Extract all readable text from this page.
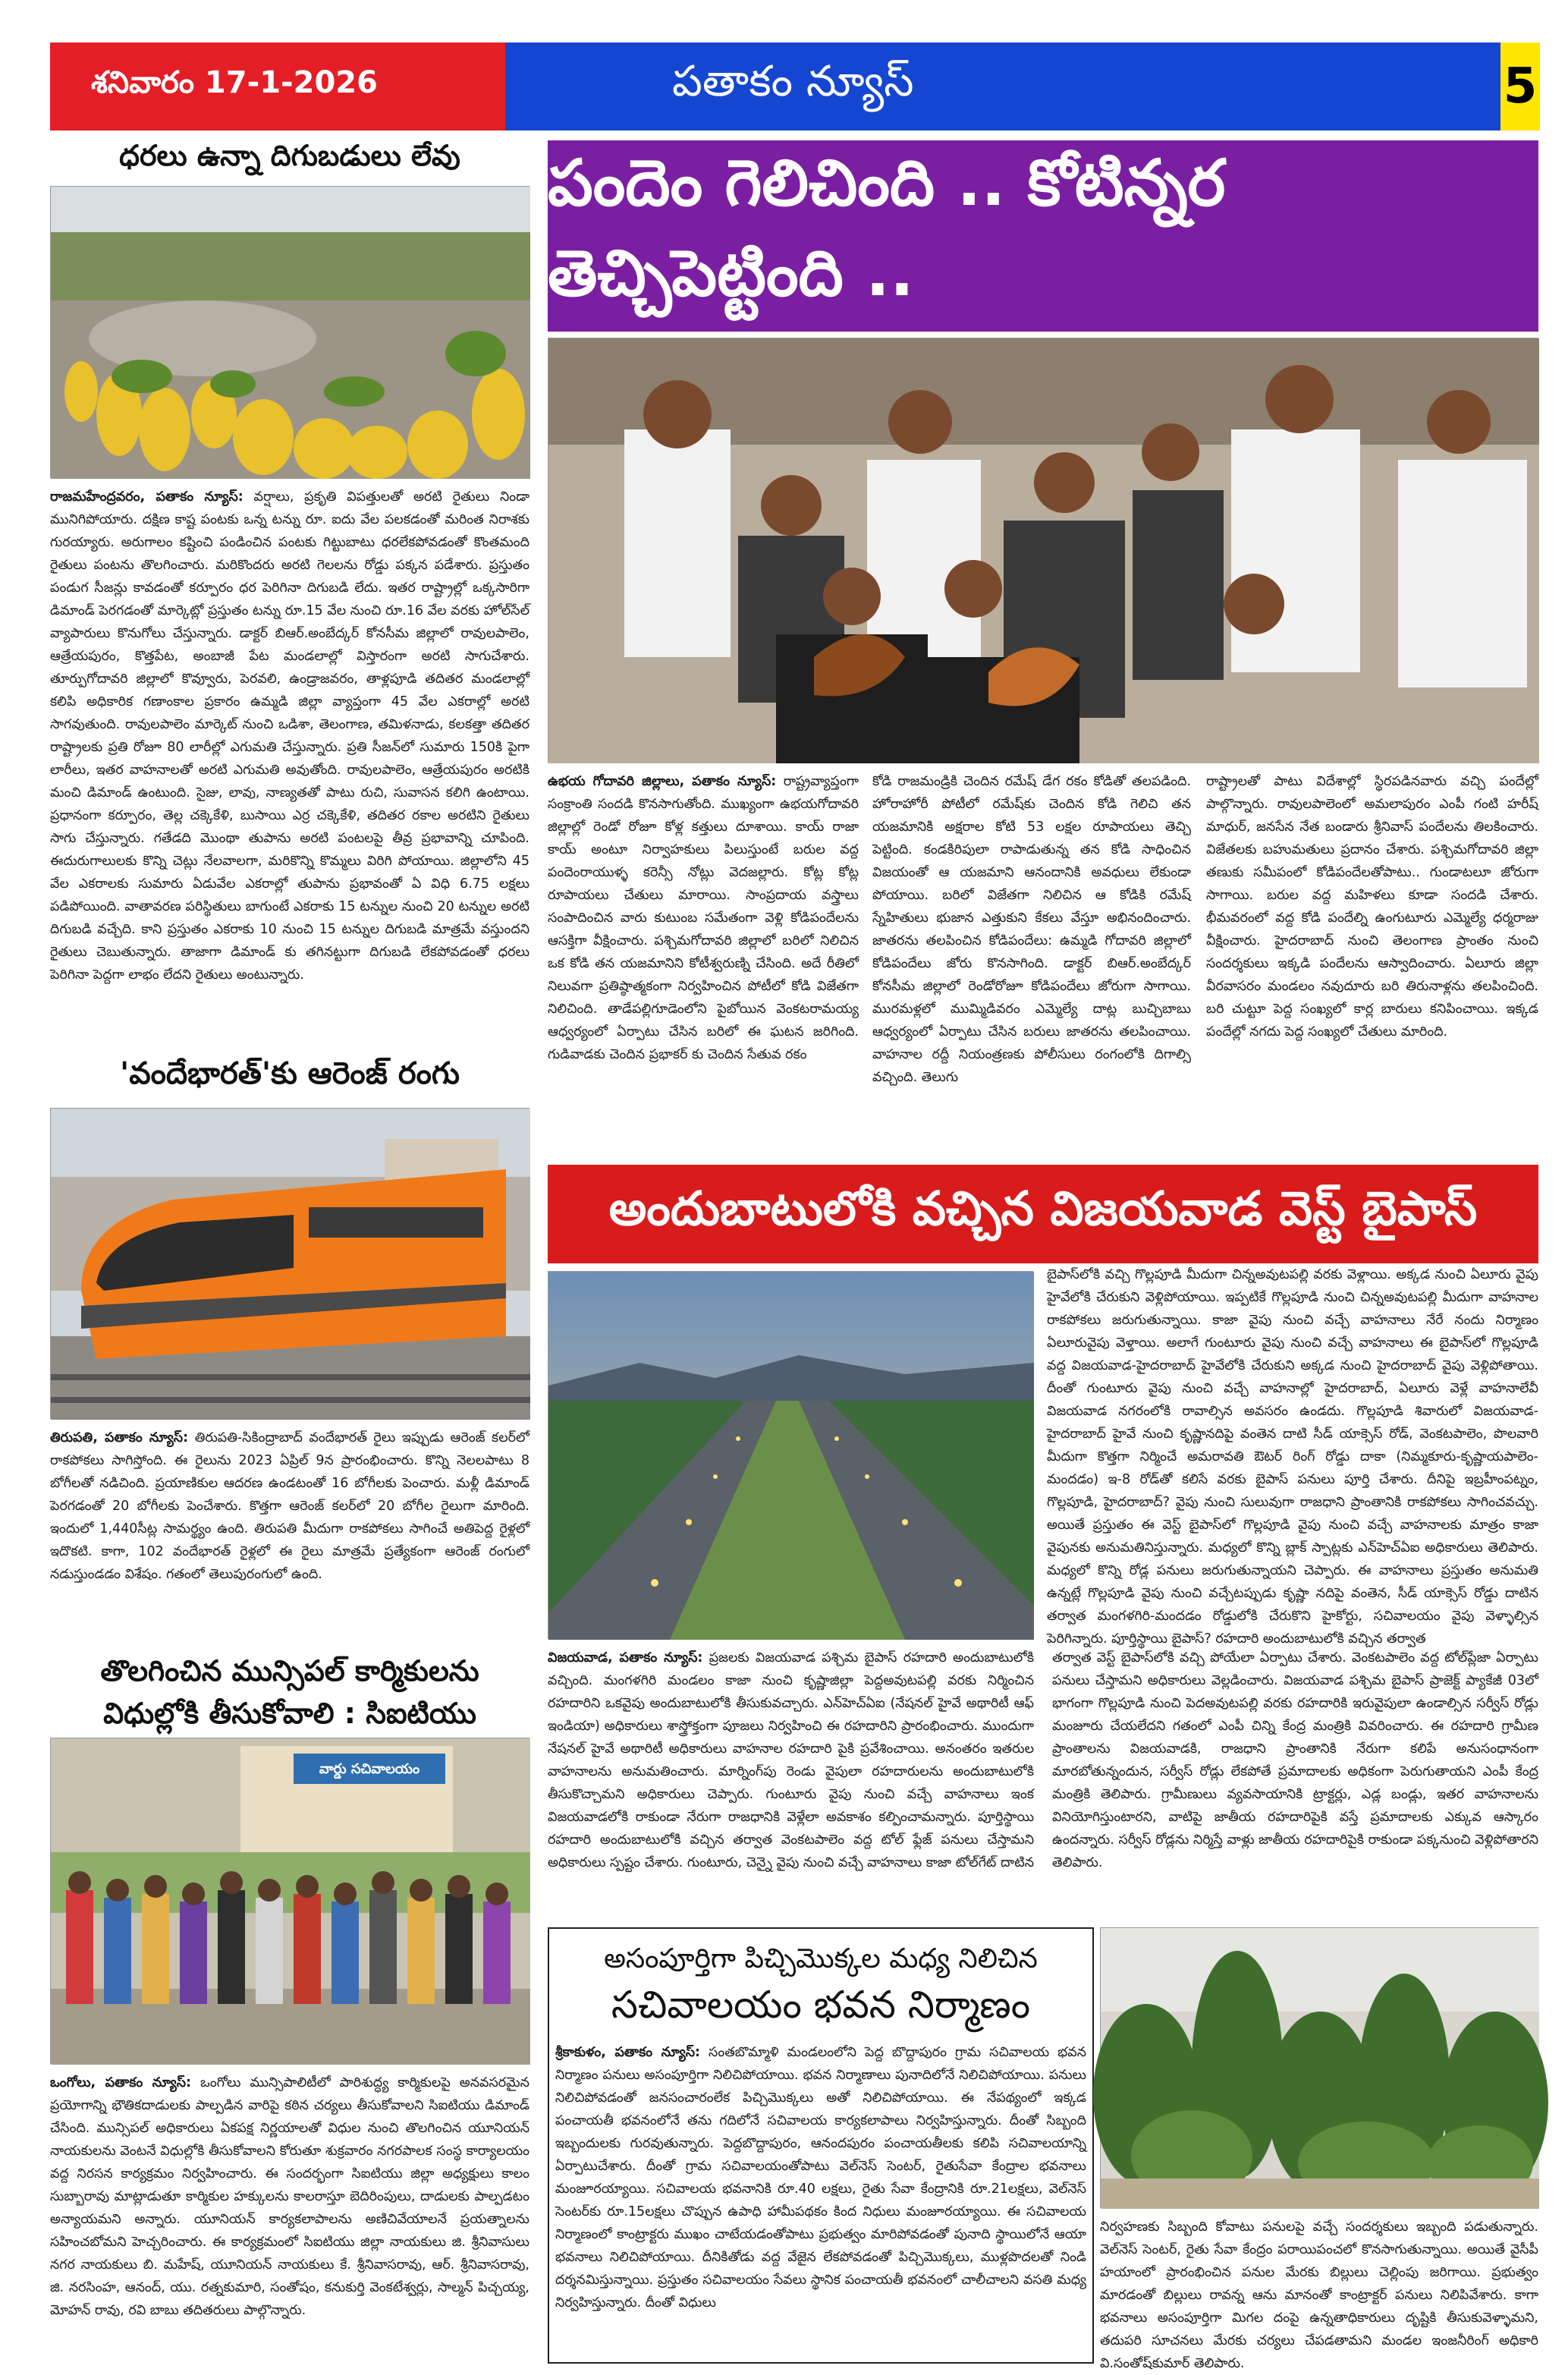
శనివారం 17-1-2026	పతాకం న్యూస్	5
ధరలు ఉన్నా దిగుబడులు లేవు
రాజమహేంద్రవరం, పతాకం న్యూస్: వర్షాలు, ప్రకృతి విపత్తులతో అరటి రైతులు నిండా మునిగిపోయారు. దక్షిణ కాష్ట పంటకు ఒన్న టన్ను రూ. ఐదు వేల పలకడంతో మరింత నిరాశకు గురయ్యారు. అరుగాలం కష్టించి పండించిన పంటకు గిట్టుబాటు ధరలేకపోవడంతో కొంతమంది రైతులు పంటను తొలగించారు. మరికొందరు అరటి గెలలను రోడ్డు పక్కన పడేశారు. ప్రస్తుతం పండుగ సీజన్లు కావడంతో కర్పూరం ధర పెరిగినా దిగుబడి లేదు. ఇతర రాష్ట్రాల్లో ఒక్కసారిగా డిమాండ్ పెరగడంతో మార్కెట్లో ప్రస్తుతం టన్ను రూ.15 వేల నుంచి రూ.16 వేల వరకు హోల్‌సేల్ వ్యాపారులు కొనుగోలు చేస్తున్నారు. డాక్టర్ బిఆర్.అంబేద్కర్ కోనసీమ జిల్లాలో రావులపాలెం, ఆత్రేయపురం, కొత్తపేట, అంబాజీ పేట మండలాల్లో విస్తారంగా అరటి సాగుచేశారు. తూర్పుగోదావరి జిల్లాలో కొవ్వూరు, పెరవలి, ఉండ్రాజవరం, తాళ్లపూడి తదితర మండలాల్లో కలిపి అధికారిక గణాంకాల ప్రకారం ఉమ్మడి జిల్లా వ్యాప్తంగా 45 వేల ఎకరాల్లో అరటి సాగవుతుంది. రావులపాలెం మార్కెట్ నుంచి ఒడిశా, తెలంగాణ, తమిళనాడు, కలకత్తా తదితర రాష్ట్రాలకు ప్రతి రోజూ 80 లారీల్లో ఎగుమతి చేస్తున్నారు. ప్రతి సీజన్‌లో సుమారు 150కి పైగా లారీలు, ఇతర వాహనాలతో అరటి ఎగుమతి అవుతోంది. రావులపాలెం, ఆత్రేయపురం అరటికి మంచి డిమాండ్ ఉంటుంది. సైజు, లావు, నాణ్యతతో పాటు రుచి, సువాసన కలిగి ఉంటాయి. ప్రధానంగా కర్పూరం, తెల్ల చక్కెకేళి, బుసాయి ఎర్ర చక్కెకేళి, తదితర రకాల అరటిని రైతులు సాగు చేస్తున్నారు. గతేడది మొంథా తుపాను అరటి పంటలపై తీవ్ర ప్రభావాన్ని చూపింది. ఈదురుగాలులకు కొన్ని చెట్లు నేలవాలగా, మరికొన్ని కొమ్మలు విరిగి పోయాయి. జిల్లాలోని 45 వేల ఎకరాలకు సుమారు ఏడువేల ఎకరాల్లో తుపాను ప్రభావంతో ఏ విధి 6.75 లక్షలు పడిపోయింది. వాతావరణ పరిస్థితులు బాగుంటే ఎకరాకు 15 టన్నుల నుంచి 20 టన్నుల అరటి దిగుబడి వచ్చేది. కాని ప్రస్తుతం ఎకరాకు 10 నుంచి 15 టన్నుల దిగుబడి మాత్రమే వస్తుందని రైతులు చెబుతున్నారు. తాజాగా డిమాండ్ కు తగినట్టుగా దిగుబడి లేకపోవడంతో ధరలు పెరిగినా పెద్దగా లాభం లేదని రైతులు అంటున్నారు.
'వందేభారత్'కు ఆరెంజ్ రంగు
తిరుపతి, పతాకం న్యూస్: తిరుపతి-సికింద్రాబాద్ వందేభారత్ రైలు ఇప్పుడు ఆరెంజ్ కలర్‌లో రాకపోకలు సాగిస్తోంది. ఈ రైలును 2023 ఏప్రిల్ 9న ప్రారంభించారు. కొన్ని నెలలపాటు 8 బోగీలతో నడిచింది. ప్రయాణికుల ఆదరణ ఉండటంతో 16 బోగీలకు పెంచారు. మళ్లీ డిమాండ్ పెరగడంతో 20 బోగీలకు పెంచేశారు. కొత్తగా ఆరెంజ్ కలర్‌లో 20 బోగీల రైలుగా మారింది. ఇందులో 1,440సీట్ల సామర్థ్యం ఉంది. తిరుపతి మీదుగా రాకపోకలు సాగించే అతిపెద్ద రైళ్లలో ఇదొకటి. కాగా, 102 వందేభారత్ రైళ్లలో ఈ రైలు మాత్రమే ప్రత్యేకంగా ఆరెంజ్ రంగులో నడుస్తుండడం విశేషం. గతంలో తెలుపురంగులో ఉంది.
తొలగించిన మున్సిపల్ కార్మికులను
విధుల్లోకి తీసుకోవాలి : సిఐటియు
వార్డు సచివాలయం
ఒంగోలు, పతాకం న్యూస్: ఒంగోలు మున్సిపాలిటీలో పారిశుద్ధ్య కార్మికులపై అనవసరమైన ప్రయోగాన్ని భౌతికదాడులకు పాల్పడిన వారిపై కఠిన చర్యలు తీసుకోవాలని సిఐటియు డిమాండ్ చేసింది. మున్సిపల్ అధికారులు ఏకపక్ష నిర్ణయాలతో విధుల నుంచి తొలగించిన యూనియన్ నాయకులను వెంటనే విధుల్లోకి తీసుకోవాలని కోరుతూ శుక్రవారం నగరపాలక సంస్థ కార్యాలయం వద్ద నిరసన కార్యక్రమం నిర్వహించారు. ఈ సందర్భంగా సిఐటియు జిల్లా అధ్యక్షులు కాలం సుబ్బారావు మాట్లాడుతూ కార్మికుల హక్కులను కాలరాస్తూ బెదిరింపులు, దాడులకు పాల్పడటం అన్యాయమని అన్నారు. యూనియన్ కార్యకలాపాలను అణిచివేయాలనే ప్రయత్నాలను సహించబోమని హెచ్చరించారు. ఈ కార్యక్రమంలో సిఐటియు జిల్లా నాయకులు జి. శ్రీనివాసులు నగర నాయకులు బి. మహేష్, యూనియన్ నాయకులు కే. శ్రీనివాసరావు, ఆర్. శ్రీనివాసరావు, జి. నరసింహ, ఆనంద్, యు. రత్నకుమారి, సంతోషం, కనుకుర్తి వెంకటేశ్వర్లు, సాల్మన్ పిచ్చయ్య, మోహన్ రావు, రవి బాబు తదితరులు పాల్గొన్నారు.
పందెం గెలిచింది .. కోటిన్నర తెచ్చిపెట్టింది ..
ఉభయ గోదావరి జిల్లాలు, పతాకం న్యూస్: రాష్ట్రవ్యాప్తంగా సంక్రాంతి సందడి కొనసాగుతోంది. ముఖ్యంగా ఉభయగోదావరి జిల్లాల్లో రెండో రోజూ కోళ్ల కత్తులు దూశాయి. కాయ్ రాజా కాయ్ అంటూ నిర్వాహకులు పిలుస్తుంటే బరుల వద్ద పందెంరాయుళ్ళ కరెన్సీ నోట్లు వెదజల్లారు. కోట్ల కోట్ల రూపాయలు చేతులు మారాయి. సాంప్రదాయ వస్త్రాలు సంపాదించిన వారు కుటుంబ సమేతంగా వెళ్లి కోడిపందేలను ఆసక్తిగా వీక్షించారు. పశ్చిమగోదావరి జిల్లాలో బరిలో నిలిచిన ఒక కోడి తన యజమానిని కోటీశ్వరుణ్ని చేసింది. అదే రీతిలో నిలువగా ప్రతిష్ఠాత్మకంగా నిర్వహించిన పోటీలో కోడి విజేతగా నిలిచింది. తాడేపల్లిగూడెంలోని పైబోయిన వెంకటరామయ్య ఆధ్వర్యంలో ఏర్పాటు చేసిన బరిలో ఈ ఘటన జరిగింది. గుడివాడకు చెందిన ప్రభాకర్ కు చెందిన సేతువ రకం
కోడి రాజమండ్రికి చెందిన రమేష్ డేగ రకం కోడితో తలపడింది. హోరాహోరీ పోటీలో రమేష్‌కు చెందిన కోడి గెలిచి తన యజమానికి అక్షరాల కోటి 53 లక్షల రూపాయలు తెచ్చి పెట్టింది. కండకిరిపులా రాపాడుతున్న తన కోడి సాధించిన విజయంతో ఆ యజమాని ఆనందానికి అవధులు లేకుండా పోయాయి. బరిలో విజేతగా నిలిచిన ఆ కోడికి రమేష్ స్నేహితులు భుజాన ఎత్తుకుని కేకలు వేస్తూ అభినందించారు. జాతరను తలపించిన కోడిపందేలు: ఉమ్మడి గోదావరి జిల్లాలో కోడిపందేలు జోరు కొనసాగింది. డాక్టర్ బిఆర్.అంబేద్కర్ కోనసీమ జిల్లాలో రెండోరోజూ కోడిపందేలు జోరుగా సాగాయి. మురమళ్లలో ముమ్మిడివరం ఎమ్మెల్యే దాట్ల బుచ్చిబాబు ఆధ్వర్యంలో ఏర్పాటు చేసిన బరులు జాతరను తలపించాయి. వాహనాల రద్దీ నియంత్రణకు పోలీసులు రంగంలోకి దిగాల్సి వచ్చింది. తెలుగు
రాష్ట్రాలతో పాటు విదేశాల్లో స్థిరపడినవారు వచ్చి పందేల్లో పాల్గొన్నారు. రావులపాలెంలో అమలాపురం ఎంపీ గంటి హరీష్ మాధుర్, జనసేన నేత బండారు శ్రీనివాస్ పందేలను తిలకించారు. విజేతలకు బహుమతులు ప్రదానం చేశారు. పశ్చిమగోదావరి జిల్లా తణుకు సమీపంలో కోడిపందేలతోపాటు.. గుండాటలూ జోరుగా సాగాయి. బరుల వద్ద మహిళలు కూడా సందడి చేశారు. భీమవరంలో వద్ద కోడి పందేల్ని ఉంగుటూరు ఎమ్మెల్యే ధర్మరాజు వీక్షించారు. హైదరాబాద్ నుంచి తెలంగాణ ప్రాంతం నుంచి సందర్శకులు ఇక్కడి పందేలను ఆస్వాదించారు. ఏలూరు జిల్లా వీరవాసరం మండలం నవుదూరు బరి తిరునాళ్లను తలపించింది. బరి చుట్టూ పెద్ద సంఖ్యలో కార్ల బారులు కనిపించాయి. ఇక్కడ పందేల్లో నగదు పెద్ద సంఖ్యలో చేతులు మారింది.
అందుబాటులోకి వచ్చిన విజయవాడ వెస్ట్ బైపాస్
బైపాస్‌లోకి వచ్చి గొల్లపూడి మీదుగా చిన్నఅవుటపల్లి వరకు వెళ్లాయి. అక్కడ నుంచి ఏలూరు వైపు హైవేలోకి చేరుకుని వెళ్లిపోయాయి. ఇప్పటికే గొల్లపూడి నుంచి చిన్నఅవుటపల్లి మీదుగా వాహనాల రాకపోకలు జరుగుతున్నాయి. కాజా వైపు నుంచి వచ్చే వాహనాలు నేరే నందు నిర్మాణం ఏలూరువైపు వెళ్తాయి. అలాగే గుంటూరు వైపు నుంచి వచ్చే వాహనాలు ఈ బైపాస్‌లో గొల్లపూడి వద్ద విజయవాడ-హైదరాబాద్ హైవేలోకి చేరుకుని అక్కడ నుంచి హైదరాబాద్ వైపు వెళ్లిపోతాయి. దీంతో గుంటూరు వైపు నుంచి వచ్చే వాహనాల్లో హైదరాబాద్, ఏలూరు వెళ్లే వాహనాలేవీ విజయవాడ నగరంలోకి రావాల్సిన అవసరం ఉండదు. గొల్లపూడి శివారులో విజయవాడ-హైదరాబాద్ హైవే నుంచి కృష్ణానదిపై వంతెన దాటి సీడ్ యాక్సెస్ రోడ్, వెంకటపాలెం, పొలవారి మీదుగా కొత్తగా నిర్మించే అమరావతి ఔటర్ రింగ్ రోడ్డు దాకా (నిమ్మకూరు-కృష్ణాయపాలెం-మందడం) ఇ-8 రోడ్‌తో కలిసే వరకు బైపాస్ పనులు పూర్తి చేశారు. దీనిపై ఇబ్రహీంపట్నం, గొల్లపూడి, హైదరాబాద్? వైపు నుంచి సులువుగా రాజధాని ప్రాంతానికి రాకపోకలు సాగించవచ్చు. అయితే ప్రస్తుతం ఈ వెస్ట్ బైపాస్‌లో గొల్లపూడి వైపు నుంచి వచ్చే వాహనాలకు మాత్రం కాజా వైపునకు అనుమతినిస్తున్నారు. మధ్యలో కొన్ని బ్లాక్ స్పాట్లకు ఎన్‌హెచ్ఏఐ అధికారులు తెలిపారు. మధ్యలో కొన్ని రోడ్ల పనులు జరుగుతున్నాయని చెప్పారు. ఈ వాహనాలు ప్రస్తుతం అనుమతి ఉన్నట్లే గొల్లపూడి వైపు నుంచి వచ్చేటప్పుడు కృష్ణా నదిపై వంతెన, సీడ్ యాక్సెస్ రోడ్డు దాటిన తర్వాత మంగళగిరి-మందడం రోడ్డులోకి చేరుకొని హైకోర్టు, సచివాలయం వైపు వెళ్ళాల్సిన పెరిగిన్నారు. పూర్తిస్థాయి బైపాస్? రహదారి అందుబాటులోకి వచ్చిన తర్వాత
విజయవాడ, పతాకం న్యూస్: ప్రజలకు విజయవాడ పశ్చిమ బైపాస్ రహదారి అందుబాటులోకి వచ్చింది. మంగళగిరి మండలం కాజా నుంచి కృష్ణాజిల్లా పెద్దఅవుటపల్లి వరకు నిర్మించిన రహదారిని ఒకవైపు అందుబాటులోకి తీసుకువచ్చారు. ఎన్‌హెచ్ఏఐ (నేషనల్ హైవే అథారిటీ ఆఫ్ ఇండియా) అధికారులు శాస్త్రోక్తంగా పూజలు నిర్వహించి ఈ రహదారిని ప్రారంభించారు. ముందుగా నేషనల్ హైవే అథారిటీ అధికారులు వాహనాల రహదారి పైకి ప్రవేశించాయి. అనంతరం ఇతరుల వాహనాలను అనుమతించారు. మార్నింగ్‌పు రెండు వైపులా రహదారులను అందుబాటులోకి తీసుకొచ్చామని అధికారులు చెప్పారు. గుంటూరు వైపు నుంచి వచ్చే వాహనాలు ఇంక విజయవాడలోకి రాకుండా నేరుగా రాజధానికి వెళ్లేలా అవకాశం కల్పించామన్నారు. పూర్తిస్థాయి రహదారి అందుబాటులోకి వచ్చిన తర్వాత వెంకటపాలెం వద్ద టోల్ ఫ్లేజ్ పనులు చేస్తామని అధికారులు స్పష్టం చేశారు. గుంటూరు, చెన్నై వైపు నుంచి వచ్చే వాహనాలు కాజా టోల్‌గేట్ దాటిన తర్వాత వెస్ట్ బైపాస్‌లోకి వచ్చి పోయేలా ఏర్పాటు చేశారు. వెంకటపాలెం వద్ద టోల్‌ప్లేజా ఏర్పాటు పనులు చేస్తామని అధికారులు వెల్లడించారు. విజయవాడ పశ్చిమ బైపాస్ ప్రాజెక్ట్ ప్యాకేజీ 03లో భాగంగా గొల్లపూడి నుంచి పెదఅవుటపల్లి వరకు రహదారికి ఇరువైపులా ఉండాల్సిన సర్వీస్ రోడ్లు మంజూరు చేయలేదని గతంలో ఎంపీ చిన్ని కేంద్ర మంత్రికి వివరించారు. ఈ రహదారి గ్రామీణ ప్రాంతాలను విజయవాడకి, రాజధాని ప్రాంతానికి నేరుగా కలిపే అనుసంధానంగా మారబోతున్నందున, సర్వీస్ రోడ్లు లేకపోతే ప్రమాదాలకు అధికంగా పెరుగుతాయని ఎంపీ కేంద్ర మంత్రికి తెలిపారు. గ్రామీణులు వ్యవసాయానికి ట్రాక్టర్లు, ఎడ్ల బండ్లు, ఇతర వాహనాలను వినియోగిస్తుంటారని, వాటిపై జాతీయ రహదారిపైకి వస్తే ప్రమాదాలకు ఎక్కువ ఆస్కారం ఉందన్నారు. సర్వీస్ రోడ్లను నిర్మిస్తే వాళ్లు జాతీయ రహదారిపైకి రాకుండా పక్కనుంచి వెళ్లిపోతారని తెలిపారు.
అసంపూర్తిగా పిచ్చిమొక్కల మధ్య నిలిచిన
సచివాలయం భవన నిర్మాణం
శ్రీకాకుళం, పతాకం న్యూస్: సంతబొమ్మాళి మండలంలోని పెద్ద బొద్దాపురం గ్రామ సచివాలయ భవన నిర్మాణం పనులు అసంపూర్తిగా నిలిచిపోయాయి. భవన నిర్మాణాలు పునాదిలోనే నిలిచిపోయాయి. పనులు నిలిచిపోవడంతో జనసంచారంలేక పిచ్చిమొక్కలు అతో నిలిచిపోయాయి. ఈ నేపథ్యంలో ఇక్కడ పంచాయతీ భవనంలోనే తను గదిలోనే సచివాలయ కార్యకలాపాలు నిర్వహిస్తున్నారు. దీంతో సిబ్బంది ఇబ్బందులకు గురవుతున్నారు. పెద్దబొద్దాపురం, ఆనందపురం పంచాయతీలకు కలిపి సచివాలయాన్ని ఏర్పాటుచేశారు. దీంతో గ్రామ సచివాలయంతోపాటు వెల్‌నెస్ సెంటర్, రైతుసేవా కేంద్రాల భవనాలు మంజూరయ్యాయి. సచివాలయ భవనానికి రూ.40 లక్షలు, రైతు సేవా కేంద్రానికి రూ.21లక్షలు, వెల్‌నెస్ సెంటర్‌కు రూ.15లక్షలు చొప్పున ఉపాధి హామీపథకం కింద నిధులు మంజూరయ్యాయి. ఈ సచివాలయ నిర్మాణంలో కాంట్రాక్టరు ముఖం చాటేయడంతోపాటు ప్రభుత్వం మారిపోవడంతో పునాది స్థాయిలోనే ఆయా భవనాలు నిలిచిపోయాయి. దీనికితోడు వద్ద వేజైన లేకపోవడంతో పిచ్చిమొక్కలు, ముళ్లపొదలతో నిండి దర్శనమిస్తున్నాయి. ప్రస్తుతం సచివాలయం సేవలు స్థానిక పంచాయతీ భవనంలో చాలీచాలని వసతి మధ్య నిర్వహిస్తున్నారు. దీంతో విధులు
నిర్వహణకు సిబ్బంది కోవాటు పనులపై వచ్చే సందర్శకులు ఇబ్బంది పడుతున్నారు. వెల్‌నెస్ సెంటర్, రైతు సేవా కేంద్రం పరాయిపంచలో కొనసాగుతున్నాయి. అయితే వైసీపీ హయాంలో ప్రారంభించిన పనుల మేరకు బిల్లులు చెల్లింపు జరిగాయి. ప్రభుత్వం మారడంతో బిల్లులు రావన్న ఆను మానంతో కాంట్రాక్టర్ పనులు నిలిపివేశారు. కాగా భవనాలు అసంపూర్తిగా మిగల దంపై ఉన్నతాధికారులు దృష్టికి తీసుకువెళ్ళామని, తదుపరి సూచనలు మేరకు చర్యలు చేపడతామని మండల ఇంజనీరింగ్ అధికారి వి.సంతోష్‌కుమార్ తెలిపారు.
